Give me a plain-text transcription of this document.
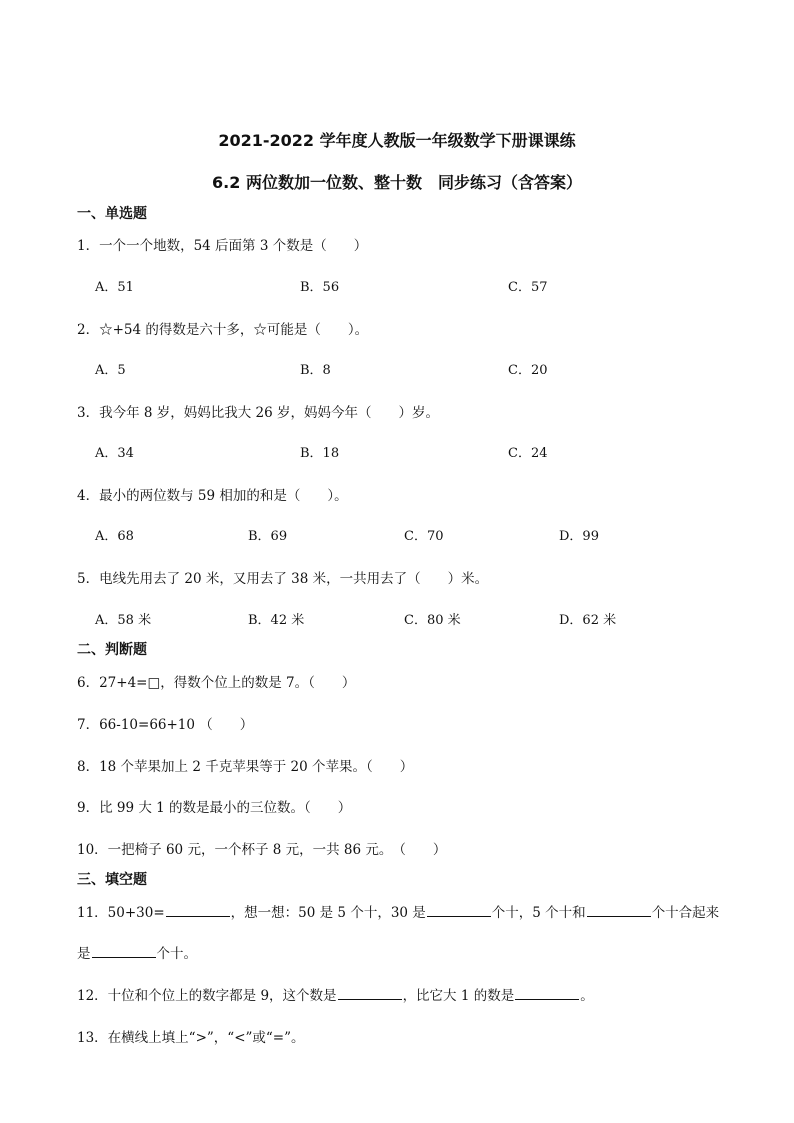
2021-2022 学年度人教版一年级数学下册课课练
6.2 两位数加一位数、整十数　同步练习（含答案）
一、单选题
1．一个一个地数，54 后面第 3 个数是（　　）
A．51	B．56	C．57
2．☆+54 的得数是六十多，☆可能是（　　）。
A．5	B．8	C．20
3．我今年 8 岁，妈妈比我大 26 岁，妈妈今年（　　）岁。
A．34	B．18	C．24
4．最小的两位数与 59 相加的和是（　　）。
A．68	B．69	C．70	D．99
5．电线先用去了 20 米，又用去了 38 米，一共用去了（　　）米。
A．58 米	B．42 米	C．80 米	D．62 米
二、判断题
6．27+4=□，得数个位上的数是 7。（　　）
7．66-10=66+10 （　　）
8．18 个苹果加上 2 千克苹果等于 20 个苹果。（　　）
9．比 99 大 1 的数是最小的三位数。（　　）
10．一把椅子 60 元，一个杯子 8 元，一共 86 元。　（　　）
三、填空题
11．50+30=	，想一想：50 是 5 个十，30 是	个十，5 个十和	个十合起来
是	个十。
12．十位和个位上的数字都是 9，这个数是	，比它大 1 的数是	。
13．在横线上填上“>”，“<”或“=”。
